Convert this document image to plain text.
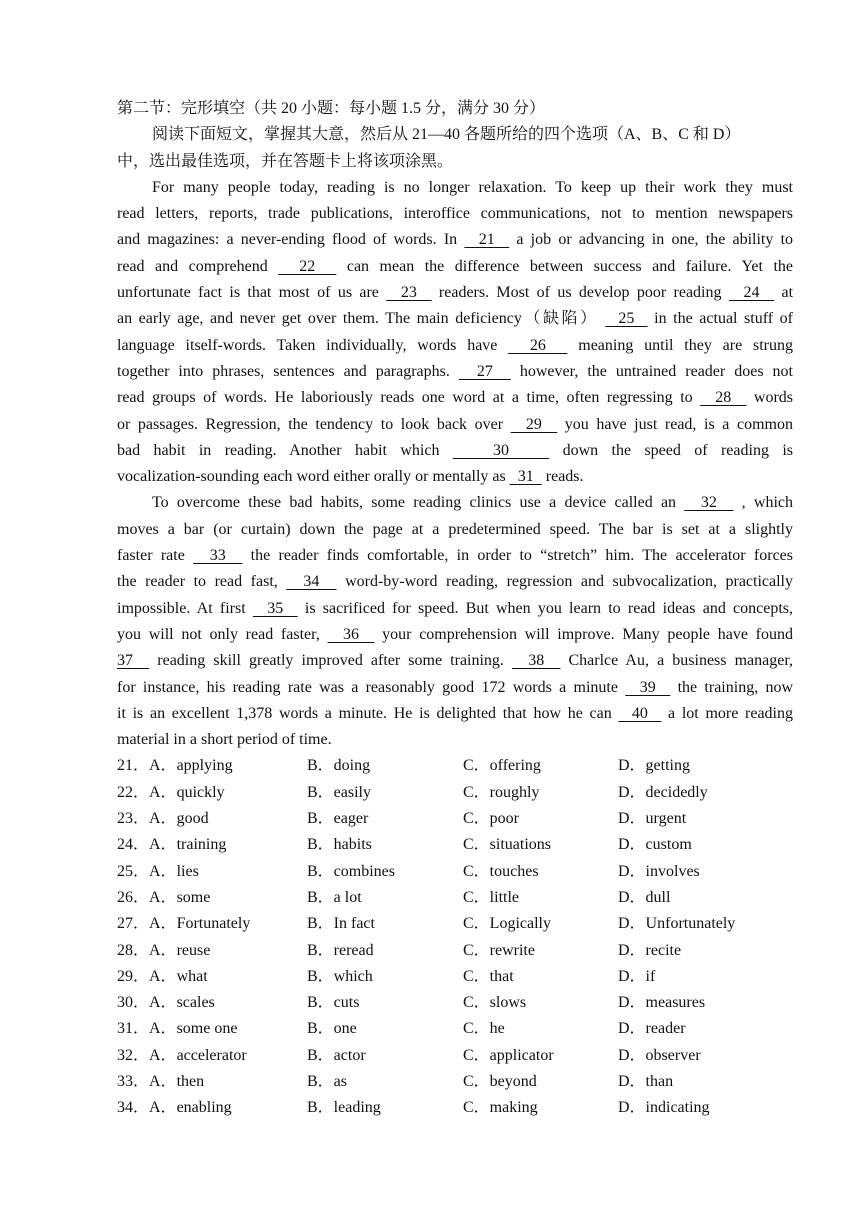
第二节：完形填空（共 20 小题：每小题 1.5 分，满分 30 分）
阅读下面短文，掌握其大意，然后从 21—40 各题所给的四个选项（A、B、C 和 D）
中，选出最佳选项，并在答题卡上将该项涂黑。
For many people today, reading is no longer relaxation. To keep up their work they must
read letters, reports, trade publications, interoffice communications, not to mention newspapers
and magazines: a never-ending flood of words. In   21   a job or advancing in one, the ability to
read and comprehend   22   can mean the difference between success and failure. Yet the
unfortunate fact is that most of us are   23   readers. Most of us develop poor reading   24   at
an early age, and never get over them. The main deficiency（缺陷）   25   in the actual stuff of
language itself-words. Taken individually, words have   26   meaning until they are strung
together into phrases, sentences and paragraphs.   27   however, the untrained reader does not
read groups of words. He laboriously reads one word at a time, often regressing to   28   words
or passages. Regression, the tendency to look back over   29   you have just read, is a common
bad habit in reading. Another habit which    30    down the speed of reading is
vocalization-sounding each word either orally or mentally as   31   reads.
To overcome these bad habits, some reading clinics use a device called an   32   , which
moves a bar (or curtain) down the page at a predetermined speed. The bar is set at a slightly
faster rate   33   the reader finds comfortable, in order to “stretch” him. The accelerator forces
the reader to read fast,   34   word-by-word reading, regression and subvocalization, practically
impossible. At first   35   is sacrificed for speed. But when you learn to read ideas and concepts,
you will not only read faster,   36   your comprehension will improve. Many people have found
37   reading skill greatly improved after some training.   38   Charlce Au, a business manager,
for instance, his reading rate was a reasonably good 172 words a minute   39   the training, now
it is an excellent 1,378 words a minute. He is delighted that how he can   40   a lot more reading
material in a short period of time.
21．A．applying	B．doing	C．offering	D．getting
22．A．quickly	B．easily	C．roughly	D．decidedly
23．A．good	B．eager	C．poor	D．urgent
24．A．training	B．habits	C．situations	D．custom
25．A．lies	B．combines	C．touches	D．involves
26．A．some	B．a lot	C．little	D．dull
27．A．Fortunately	B．In fact	C．Logically	D．Unfortunately
28．A．reuse	B．reread	C．rewrite	D．recite
29．A．what	B．which	C．that	D．if
30．A．scales	B．cuts	C．slows	D．measures
31．A．some one	B．one	C．he	D．reader
32．A．accelerator	B．actor	C．applicator	D．observer
33．A．then	B．as	C．beyond	D．than
34．A．enabling	B．leading	C．making	D．indicating
